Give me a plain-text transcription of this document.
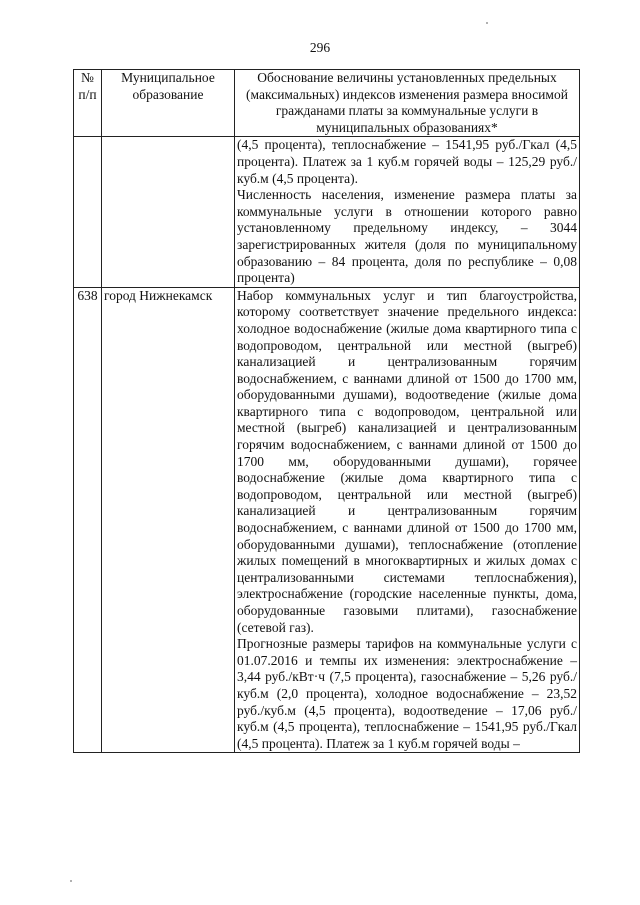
296
№ п/п	Муниципальное образование	Обоснование величины установленных предельных (максимальных) индексов изменения размера вносимой гражданами платы за коммунальные услуги в муниципальных образованиях*

		(4,5 процента), теплоснабжение – 1541,95 руб./Гкал (4,5 процента). Платеж за 1 куб.м горячей воды – 125,29 руб./куб.м (4,5 процента).

Численность населения, изменение размера платы за коммунальные услуги в отношении которого равно установленному предельному индексу, – 3044 зарегистрированных жителя (доля по муниципальному образованию – 84 процента, доля по республике – 0,08 процента)

638	город Нижнекамск	Набор коммунальных услуг и тип благоустройства, которому соответствует значение предельного индекса: холодное водоснабжение (жилые дома квартирного типа с водопроводом, центральной или местной (выгреб) канализацией и централизованным горячим водоснабжением, с ваннами длиной от 1500 до 1700 мм, оборудованными душами), водоотведение (жилые дома квартирного типа с водопроводом, центральной или местной (выгреб) канализацией и централизованным горячим водоснабжением, с ваннами длиной от 1500 до 1700 мм, оборудованными душами), горячее водоснабжение (жилые дома квартирного типа с водопроводом, центральной или местной (выгреб) канализацией и централизованным горячим водоснабжением, с ваннами длиной от 1500 до 1700 мм, оборудованными душами), теплоснабжение (отопление жилых помещений в многоквартирных и жилых домах с централизованными системами теплоснабжения), электроснабжение (городские населенные пункты, дома, оборудованные газовыми плитами), газоснабжение (сетевой газ).

Прогнозные размеры тарифов на коммунальные услуги с 01.07.2016 и темпы их изменения: электроснабжение – 3,44 руб./кВт·ч (7,5 процента), газоснабжение – 5,26 руб./куб.м (2,0 процента), холодное водоснабжение – 23,52 руб./куб.м (4,5 процента), водоотведение – 17,06 руб./куб.м (4,5 процента), теплоснабжение – 1541,95 руб./Гкал (4,5 процента). Платеж за 1 куб.м горячей воды –
